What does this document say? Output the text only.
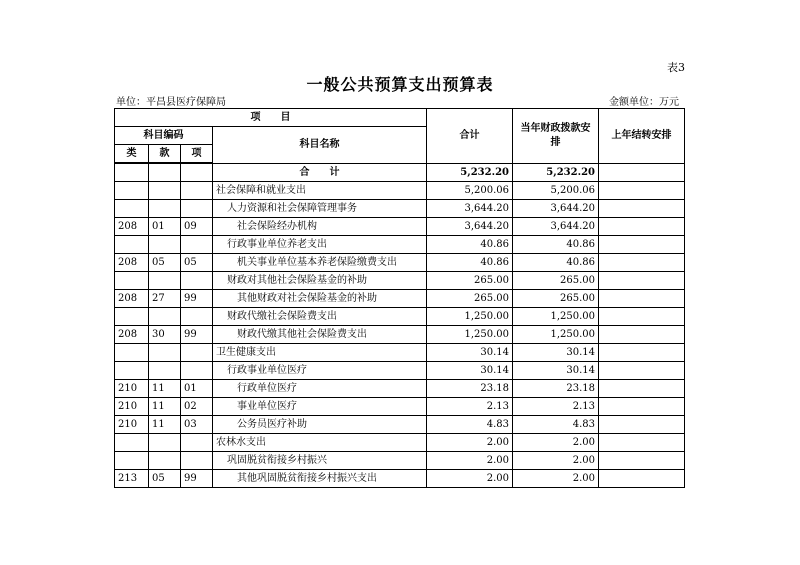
表3
一般公共预算支出预算表
单位：平昌县医疗保障局	金额单位：万元
项　　目				合计	当年财政拨款安排	上年结转安排
科目编码			科目名称			
类	款	项				
			合　　计	5,232.20	5,232.20	
			社会保障和就业支出	5,200.06	5,200.06	
			人力资源和社会保障管理事务	3,644.20	3,644.20	
208	01	09	社会保险经办机构	3,644.20	3,644.20	
			行政事业单位养老支出	40.86	40.86	
208	05	05	机关事业单位基本养老保险缴费支出	40.86	40.86	
			财政对其他社会保险基金的补助	265.00	265.00	
208	27	99	其他财政对社会保险基金的补助	265.00	265.00	
			财政代缴社会保险费支出	1,250.00	1,250.00	
208	30	99	财政代缴其他社会保险费支出	1,250.00	1,250.00	
			卫生健康支出	30.14	30.14	
			行政事业单位医疗	30.14	30.14	
210	11	01	行政单位医疗	23.18	23.18	
210	11	02	事业单位医疗	2.13	2.13	
210	11	03	公务员医疗补助	4.83	4.83	
			农林水支出	2.00	2.00	
			巩固脱贫衔接乡村振兴	2.00	2.00	
213	05	99	其他巩固脱贫衔接乡村振兴支出	2.00	2.00	
